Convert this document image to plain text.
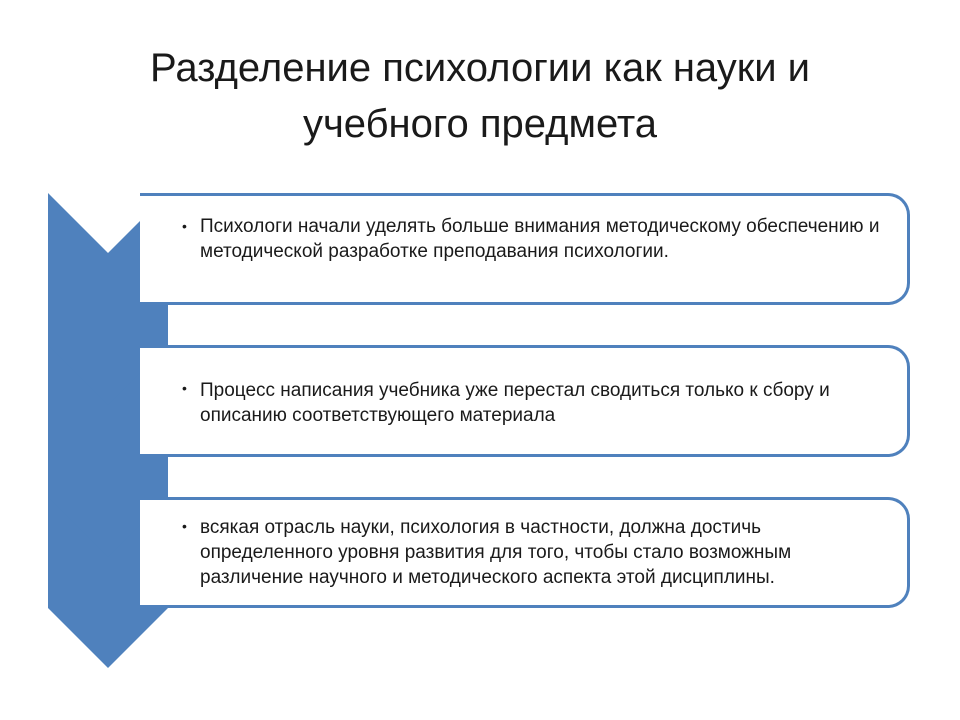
Разделение психологии как науки и учебного предмета
• Психологи начали уделять больше внимания методическому обеспечению и методической разработке преподавания психологии.
• Процесс написания учебника уже перестал сводиться только к сбору и описанию соответствующего материала
• всякая отрасль науки, психология в частности, должна достичь определенного уровня развития для того, чтобы стало возможным различение научного и методического аспекта этой дисциплины.
